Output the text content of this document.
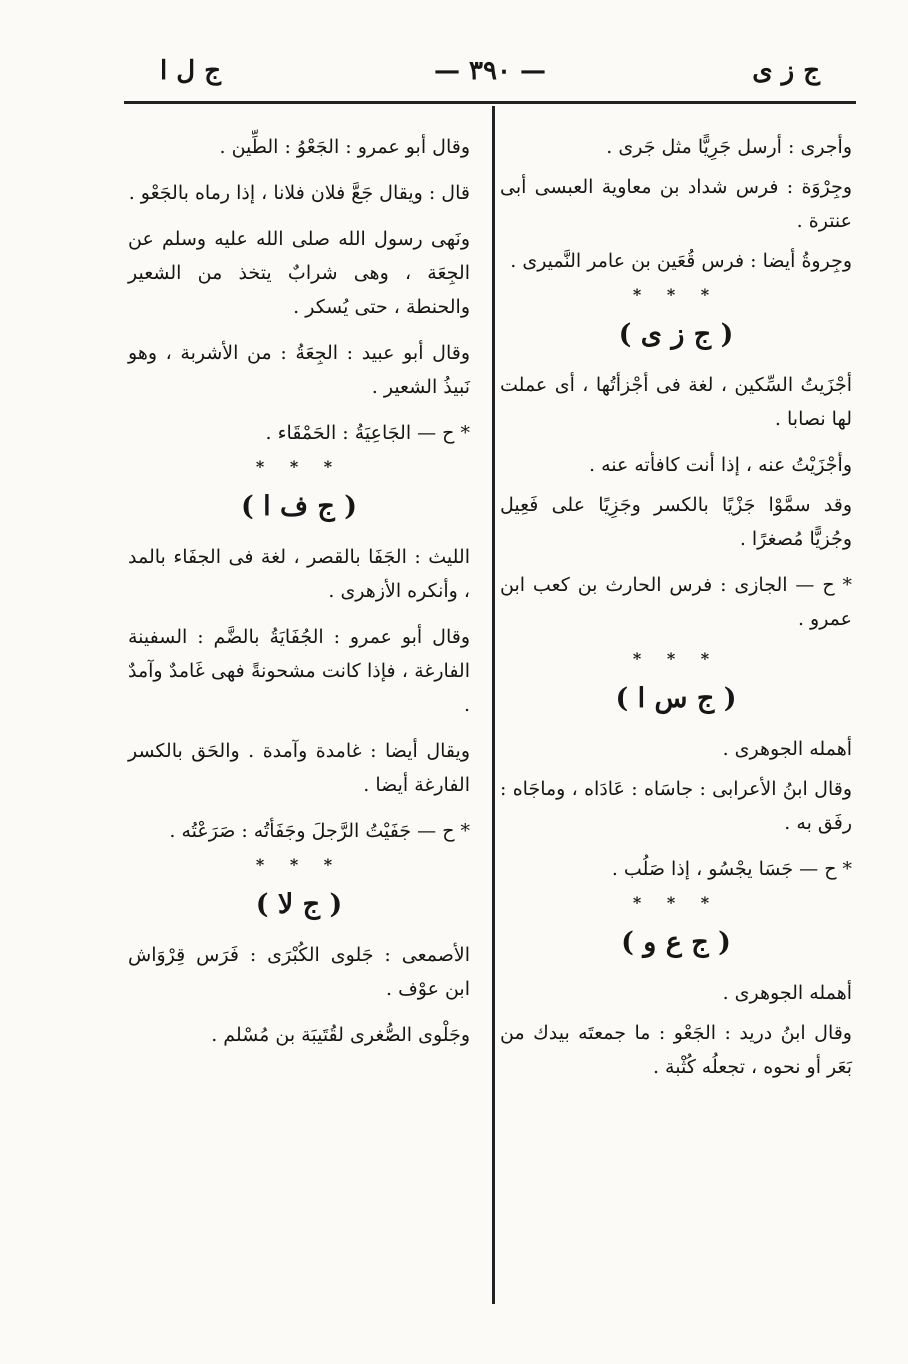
ج ز ى
— ٣٩٠ —
ج ل ا

وأجرى : أرسل جَرِيًّا مثل جَرى .

وجِرْوَة : فرس شداد بن معاوية العبسى أبى عنترة .

وجِروةُ أيضا : فرس قُعَين بن عامر النَّميرى .

* * *
( ج ز ى )

أجْزَيتُ السِّكين ، لغة فى أجْزأتُها ، أى عملت لها نصابا .

وأجْزَيْتُ عنه ، إذا أنت كافأته عنه .

وقد سمَّوْا جَزْيًا بالكسر وجَزِيًا على فَعِيل وجُزيًّا مُصغرًا .

* ح — الجازى : فرس الحارث بن كعب ابن عمرو .

* * *
( ج س ا )

أهمله الجوهرى .

وقال ابنُ الأعرابى : جاسَاه : عَادَاه ، وماجَاه : رفَق به .

* ح — جَسَا يجْسُو ، إذا صَلُب .

* * *
( ج ع و )

أهمله الجوهرى .

وقال ابنُ دريد : الجَعْو : ما جمعتَه بيدك من بَعَر أو نحوه ، تجعلُه كُثْبة .

وقال أبو عمرو : الجَعْوُ : الطِّين .

قال : ويقال جَعَّ فلان فلانا ، إذا رماه بالجَعْو .

ونَهى رسول الله صلى الله عليه وسلم عن الجِعَة ، وهى شرابٌ يتخذ من الشعير والحنطة ، حتى يُسكر .

وقال أبو عبيد : الجِعَةُ : من الأشربة ، وهو نَبيذُ الشعير .

* ح — الجَاعِيَةُ : الحَمْقَاء .

* * *
( ج ف ا )

الليث : الجَفَا بالقصر ، لغة فى الجفَاء بالمد ، وأنكره الأزهرى .

وقال أبو عمرو : الجُفَايَةُ بالضَّم : السفينة الفارغة ، فإذا كانت مشحونةً فهى غَامدٌ وآمدٌ .

ويقال أيضا : غامدة وآمدة . والحَق بالكسر الفارغة أيضا .

* ح — جَفَيْتُ الرَّجلَ وجَفَأتُه : صَرَعْتُه .

* * *
( ج لا )

الأصمعى : جَلوى الكُبْرَى : فَرَس قِرْوَاش ابن عوْف .

وجَلْوى الصُّغرى لقُتَيبَة بن مُسْلم .
